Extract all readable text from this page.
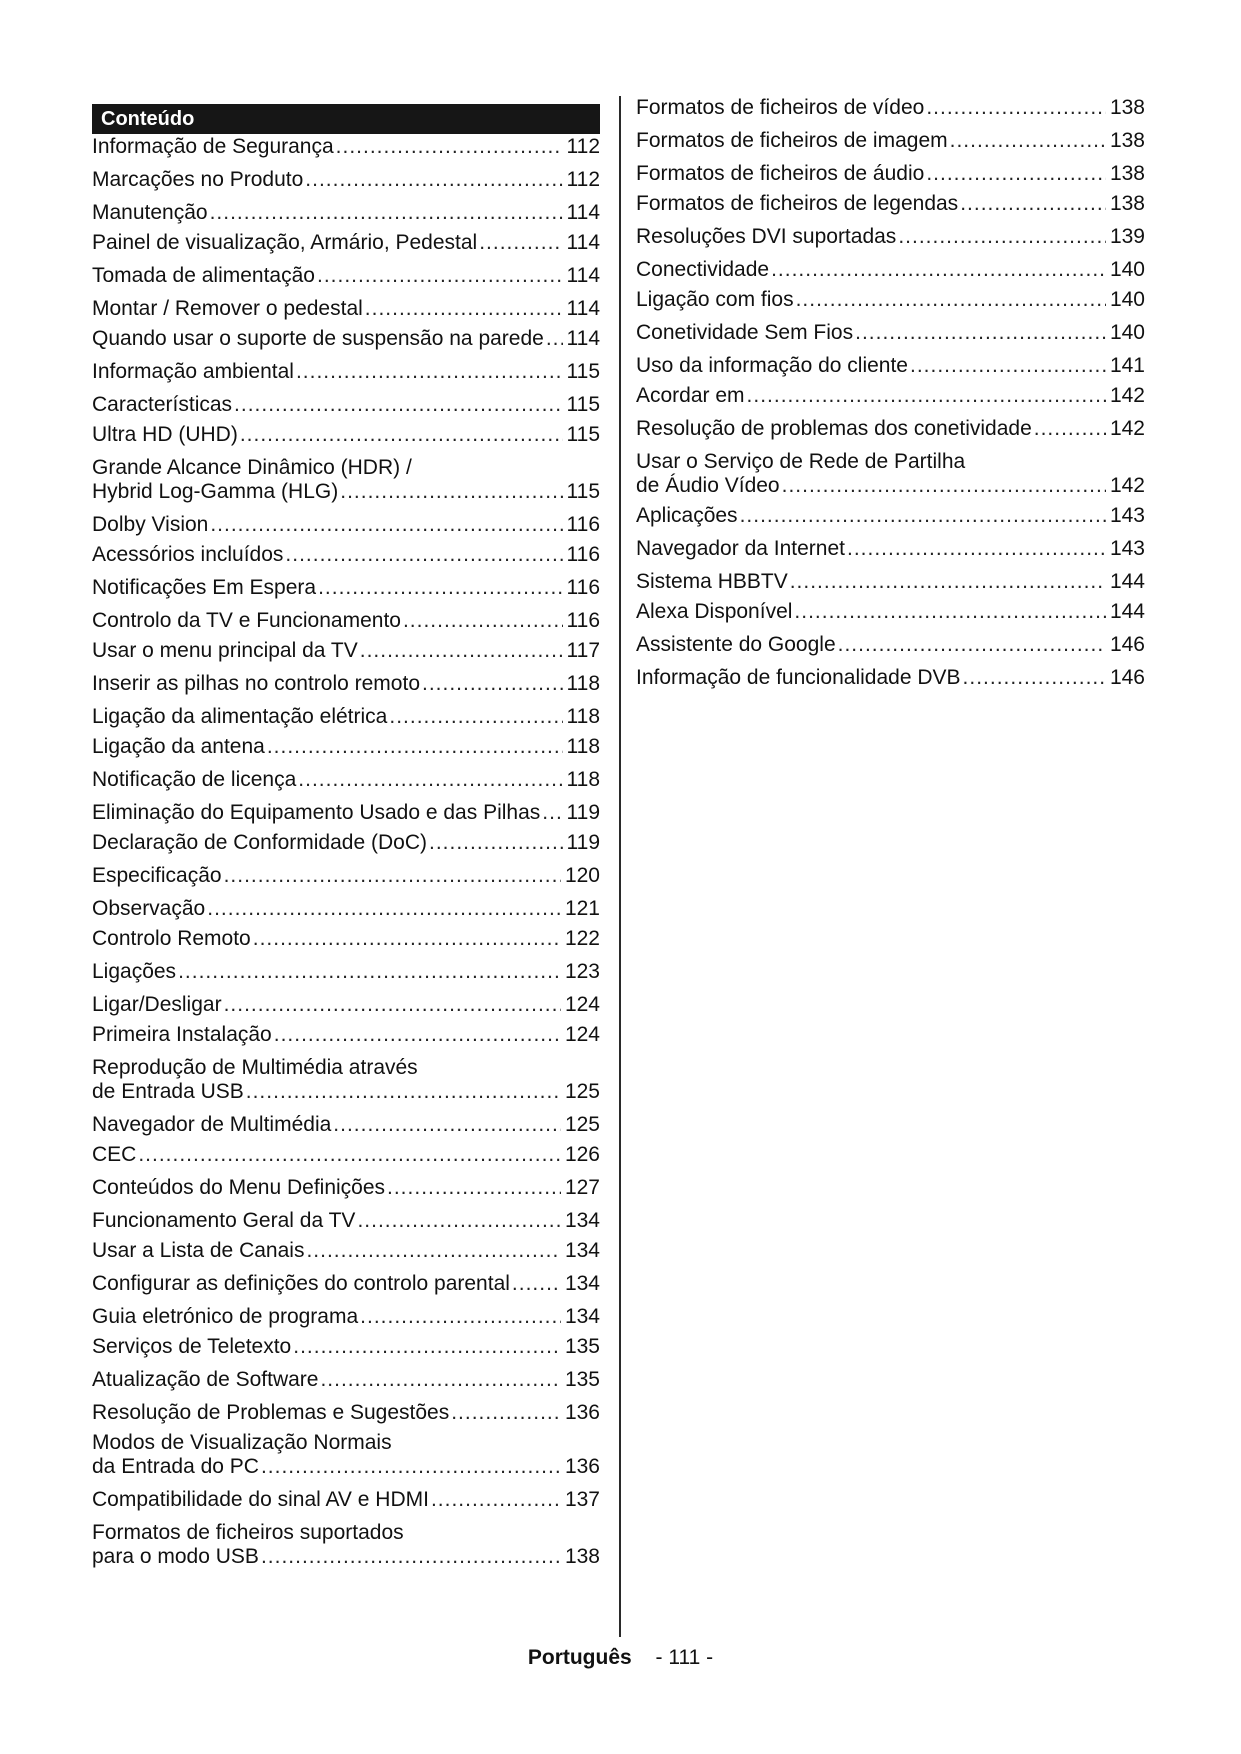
Conteúdo
Informação de Segurança .....	112
Marcações no Produto .....	112
Manutenção .....	114
Painel de visualização, Armário, Pedestal .....	114
Tomada de alimentação .....	114
Montar / Remover o pedestal .....	114
Quando usar o suporte de suspensão na parede ..... 114
Informação ambiental .....	115
Características .....	115
Ultra HD (UHD) .....	115
Grande Alcance Dinâmico (HDR) /
Hybrid Log-Gamma (HLG) .....	115
Dolby Vision .....	116
Acessórios incluídos .....	116
Notificações Em Espera .....	116
Controlo da TV e Funcionamento .....	116
Usar o menu principal da TV .....	117
Inserir as pilhas no controlo remoto .....	118
Ligação da alimentação elétrica .....	118
Ligação da antena .....	118
Notificação de licença .....	118
Eliminação do Equipamento Usado e das Pilhas ..... 119
Declaração de Conformidade (DoC) .....	119
Especificação .....	120
Observação .....	121
Controlo Remoto .....	122
Ligações .....	123
Ligar/Desligar .....	124
Primeira Instalação .....	124
Reprodução de Multimédia através
de Entrada USB .....	125
Navegador de Multimédia .....	125
CEC .....	126
Conteúdos do Menu Definições .....	127
Funcionamento Geral da TV .....	134
Usar a Lista de Canais .....	134
Configurar as definições do controlo parental .....	134
Guia eletrónico de programa .....	134
Serviços de Teletexto .....	135
Atualização de Software .....	135
Resolução de Problemas e Sugestões .....	136
Modos de Visualização Normais
da Entrada do PC .....	136
Compatibilidade do sinal AV e HDMI .....	137
Formatos de ficheiros suportados
para o modo USB .....	138
Formatos de ficheiros de vídeo .....	138
Formatos de ficheiros de imagem .....	138
Formatos de ficheiros de áudio .....	138
Formatos de ficheiros de legendas .....	138
Resoluções DVI suportadas .....	139
Conectividade .....	140
Ligação com fios .....	140
Conetividade Sem Fios .....	140
Uso da informação do cliente .....	141
Acordar em .....	142
Resolução de problemas dos conetividade .....	142
Usar o Serviço de Rede de Partilha
de Áudio Vídeo .....	142
Aplicações .....	143
Navegador da Internet .....	143
Sistema HBBTV .....	144
Alexa Disponível .....	144
Assistente do Google .....	146
Informação de funcionalidade DVB .....	146
Português - 111 -
